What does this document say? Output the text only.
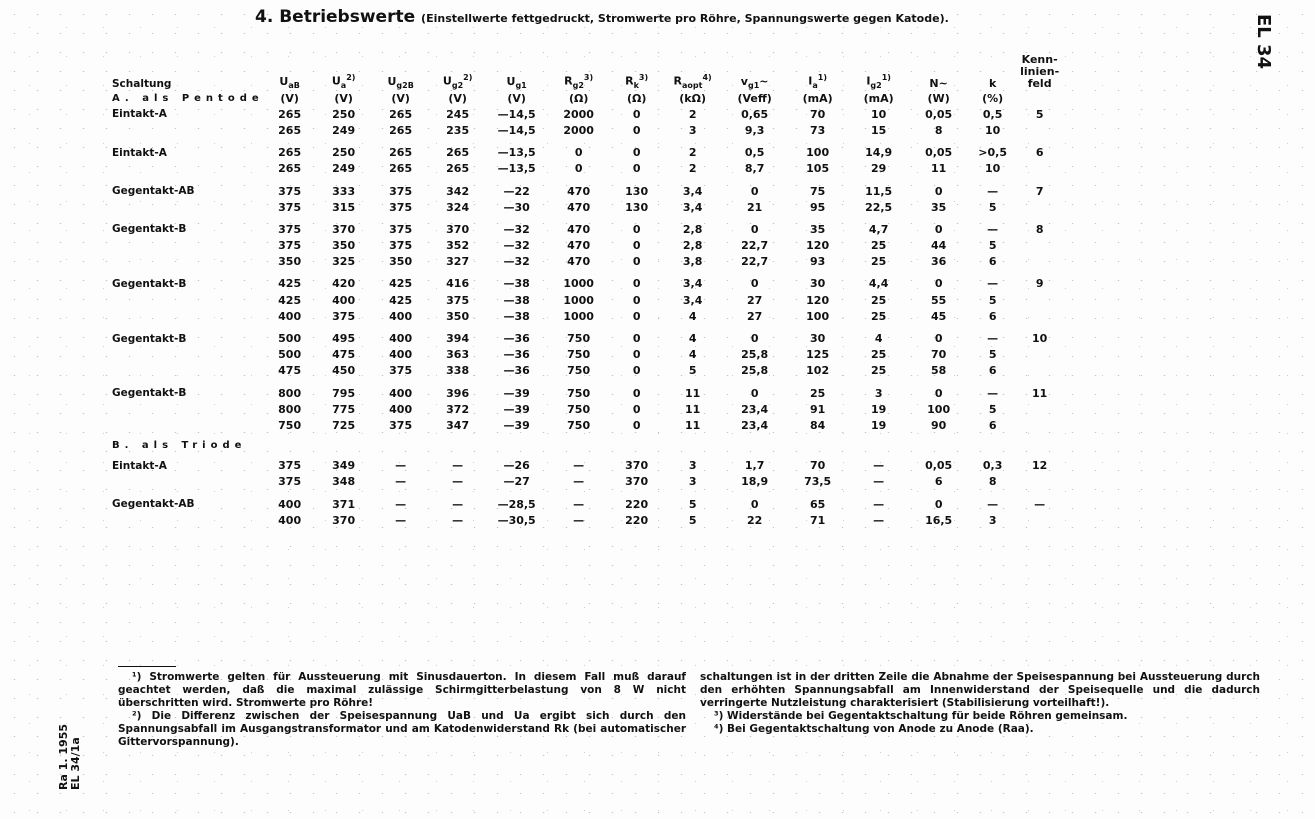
4. Betriebswerte (Einstellwerte fettgedruckt, Stromwerte pro Röhre, Spannungswerte gegen Katode).	EL 34
Ra 1. 1955 EL 34/1a
Schaltung	$U_{aB}$	$U_a^{2)}$	$U_{g2B}$	$U_{g2}^{2)}$	$U_{g1}$	$R_{g2}^{3)}$	$R_k^{3)}$	$R_{aopt}^{4)}$	$v_{g1}\sim$	$I_a^{1)}$	$I_{g2}^{1)}$	N~	k	Kenn-
linien-
feld
A. als Pentode	(V)	(V)	(V)	(V)	(V)	(Ω)	(Ω)	(kΩ)	(Veff)	(mA)	(mA)	(W)	(%)	
Eintakt-A	265	250	265	245	—14,5	2000	0	2	0,65	70	10	0,05	0,5	5
	265	249	265	235	—14,5	2000	0	3	9,3	73	15	8	10	
Eintakt-A	265	250	265	265	—13,5	0	0	2	0,5	100	14,9	0,05	>0,5	6
	265	249	265	265	—13,5	0	0	2	8,7	105	29	11	10	
Gegentakt-AB	375	333	375	342	—22	470	130	3,4	0	75	11,5	0	—	7
	375	315	375	324	—30	470	130	3,4	21	95	22,5	35	5	
Gegentakt-B	375	370	375	370	—32	470	0	2,8	0	35	4,7	0	—	8
	375	350	375	352	—32	470	0	2,8	22,7	120	25	44	5	
	350	325	350	327	—32	470	0	3,8	22,7	93	25	36	6	
Gegentakt-B	425	420	425	416	—38	1000	0	3,4	0	30	4,4	0	—	9
	425	400	425	375	—38	1000	0	3,4	27	120	25	55	5	
	400	375	400	350	—38	1000	0	4	27	100	25	45	6	
Gegentakt-B	500	495	400	394	—36	750	0	4	0	30	4	0	—	10
	500	475	400	363	—36	750	0	4	25,8	125	25	70	5	
	475	450	375	338	—36	750	0	5	25,8	102	25	58	6	
Gegentakt-B	800	795	400	396	—39	750	0	11	0	25	3	0	—	11
	800	775	400	372	—39	750	0	11	23,4	91	19	100	5	
	750	725	375	347	—39	750	0	11	23,4	84	19	90	6	
B. als Triode														
Eintakt-A	375	349	—	—	—26	—	370	3	1,7	70	—	0,05	0,3	12
	375	348	—	—	—27	—	370	3	18,9	73,5	—	6	8	
Gegentakt-AB	400	371	—	—	—28,5	—	220	5	0	65	—	0	—	—
	400	370	—	—	—30,5	—	220	5	22	71	—	16,5	3	

¹) Stromwerte gelten für Aussteuerung mit Sinusdauerton. In diesem Fall muß darauf geachtet werden, daß die maximal zulässige Schirmgitterbelastung von 8 W nicht überschritten wird. Stromwerte pro Röhre!

²) Die Differenz zwischen der Speisespannung UaB und Ua ergibt sich durch den Spannungsabfall im Ausgangstransformator und am Katodenwiderstand Rk (bei automatischer Gittervorspannung).

schaltungen ist in der dritten Zeile die Abnahme der Speisespannung bei Aussteuerung durch den erhöhten Spannungsabfall am Innenwiderstand der Speisequelle und die dadurch verringerte Nutzleistung charakterisiert (Stabilisierung vorteilhaft!).

³) Widerstände bei Gegentaktschaltung für beide Röhren gemeinsam.

⁴) Bei Gegentaktschaltung von Anode zu Anode (Raa).
